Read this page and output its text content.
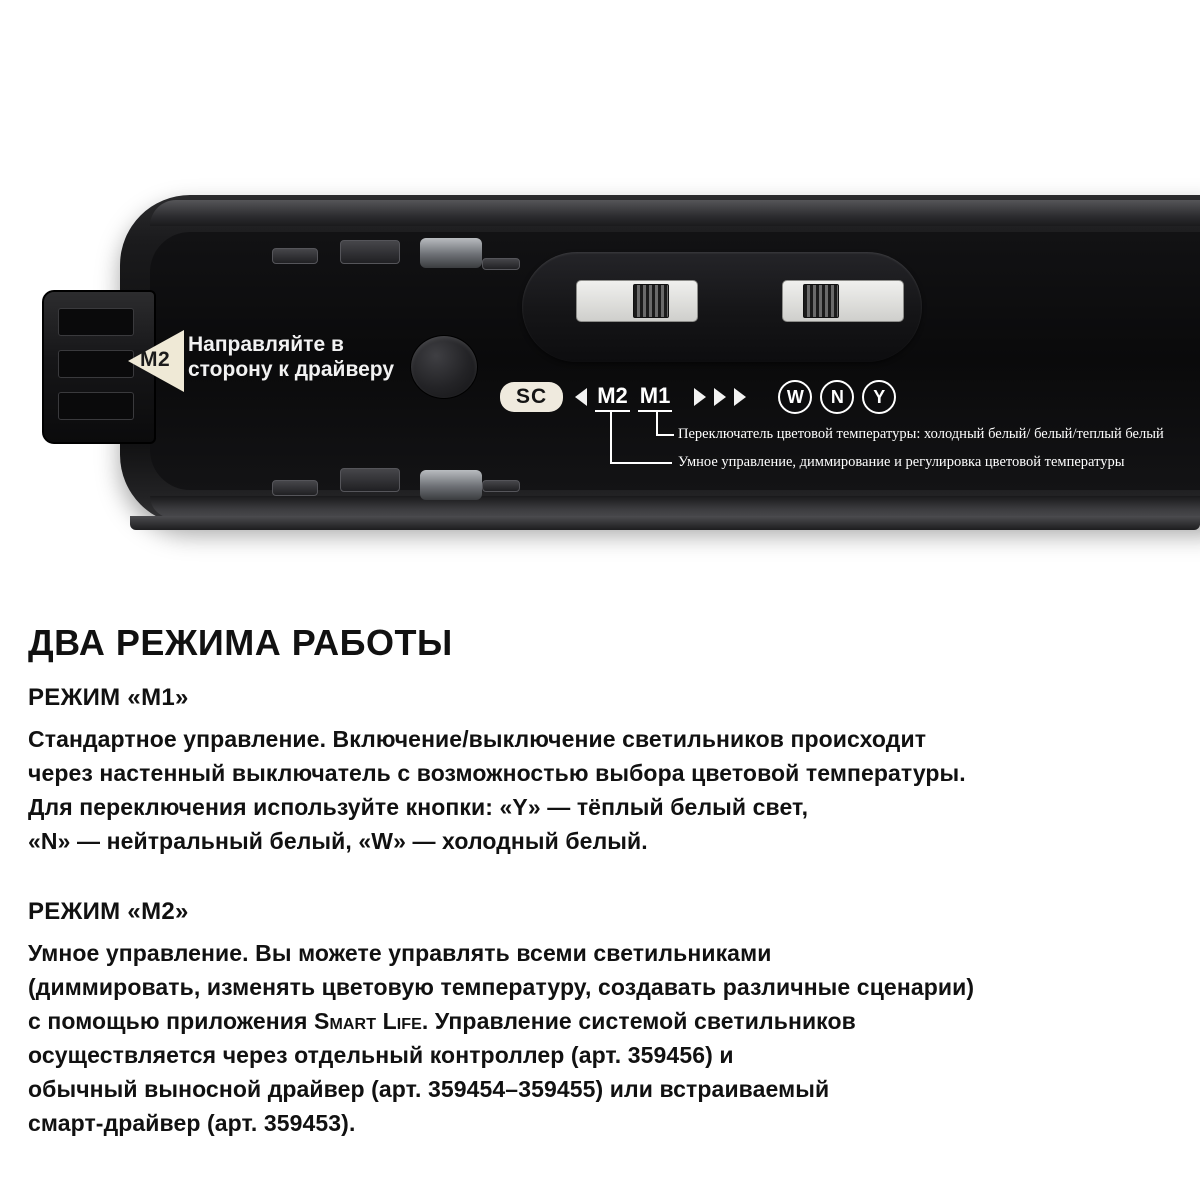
M2
Направляйте в
сторону к драйверу
SC	M2 M1	W	N	Y
Переключатель цветовой температуры: холодный белый/ белый/теплый белый
Умное управление, диммирование и регулировка цветовой температуры
ДВА РЕЖИМА РАБОТЫ
РЕЖИМ «M1»
Стандартное управление. Включение/выключение светильников происходит
через настенный выключатель с возможностью выбора цветовой температуры.
Для переключения используйте кнопки: «Y» — тёплый белый свет,
«N» — нейтральный белый, «W» — холодный белый.
РЕЖИМ «M2»
Умное управление. Вы можете управлять всеми светильниками
(диммировать, изменять цветовую температуру, создавать различные сценарии)
с помощью приложения Smart Life. Управление системой светильников
осуществляется через отдельный контроллер (арт. 359456) и
обычный выносной драйвер (арт. 359454–359455) или встраиваемый
смарт-драйвер (арт. 359453).
